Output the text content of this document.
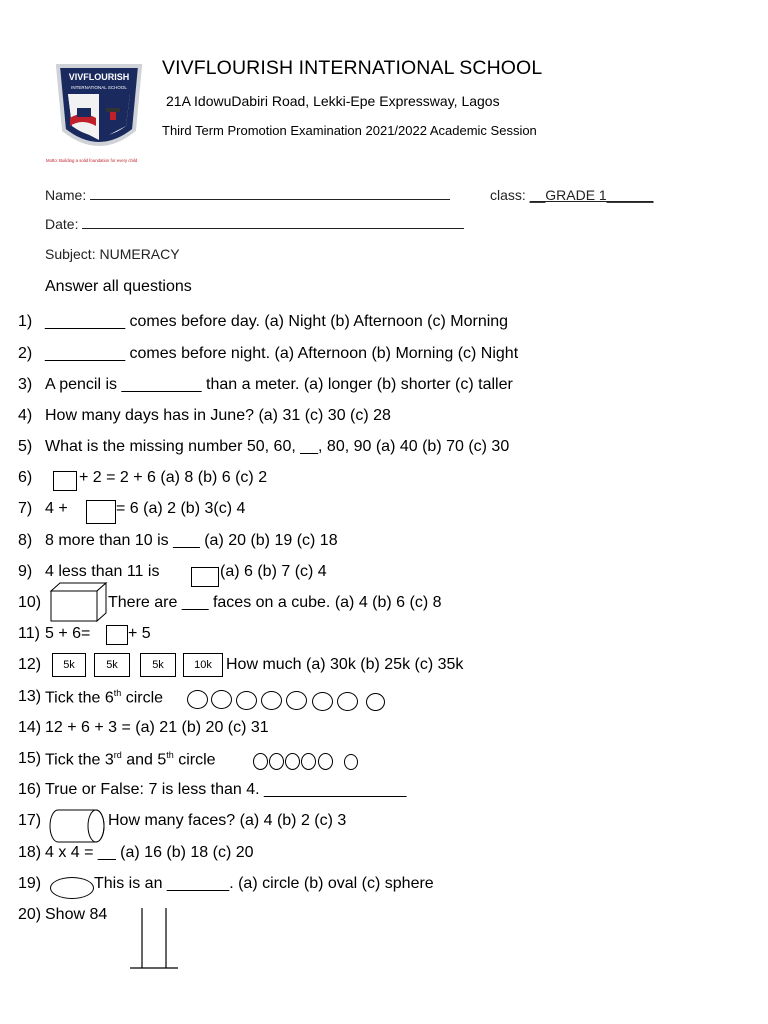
VIVFLOURISH
INTERNATIONAL SCHOOL
Motto: Building a solid foundation for every child
VIVFLOURISH INTERNATIONAL SCHOOL
21A IdowuDabiri Road, Lekki-Epe Expressway, Lagos
Third Term Promotion Examination 2021/2022 Academic Session
Name:	class: __GRADE 1______
Date:
Subject: NUMERACY
Answer all questions
1) _________ comes before day. (a) Night (b) Afternoon (c) Morning
2) _________ comes before night. (a) Afternoon (b) Morning (c) Night
3) A pencil is _________ than a meter. (a) longer (b) shorter (c) taller
4) How many days has in June? (a) 31 (c) 30 (c) 28
5) What is the missing number 50, 60, __, 80, 90 (a) 40 (b) 70 (c) 30
6)	+ 2 = 2 + 6 (a) 8 (b) 6 (c) 2
7) 4 +	= 6 (a) 2 (b) 3(c) 4
8) 8 more than 10 is ___ (a) 20 (b) 19 (c) 18
9) 4 less than 11 is	(a) 6 (b) 7 (c) 4
10)	There are ___ faces on a cube. (a) 4 (b) 6 (c) 8
11) 5 + 6= + 5
12)	5k	5k	5k	10k How much (a) 30k (b) 25k (c) 35k
13) Tick the 6th circle
14) 12 + 6 + 3 = (a) 21 (b) 20 (c) 31
15) Tick the 3rd and 5th circle
16) True or False: 7 is less than 4. ________________
17)	How many faces? (a) 4 (b) 2 (c) 3
18) 4 x 4 = __ (a) 16 (b) 18 (c) 20
19)	This is an _______. (a) circle (b) oval (c) sphere
20) Show 84
